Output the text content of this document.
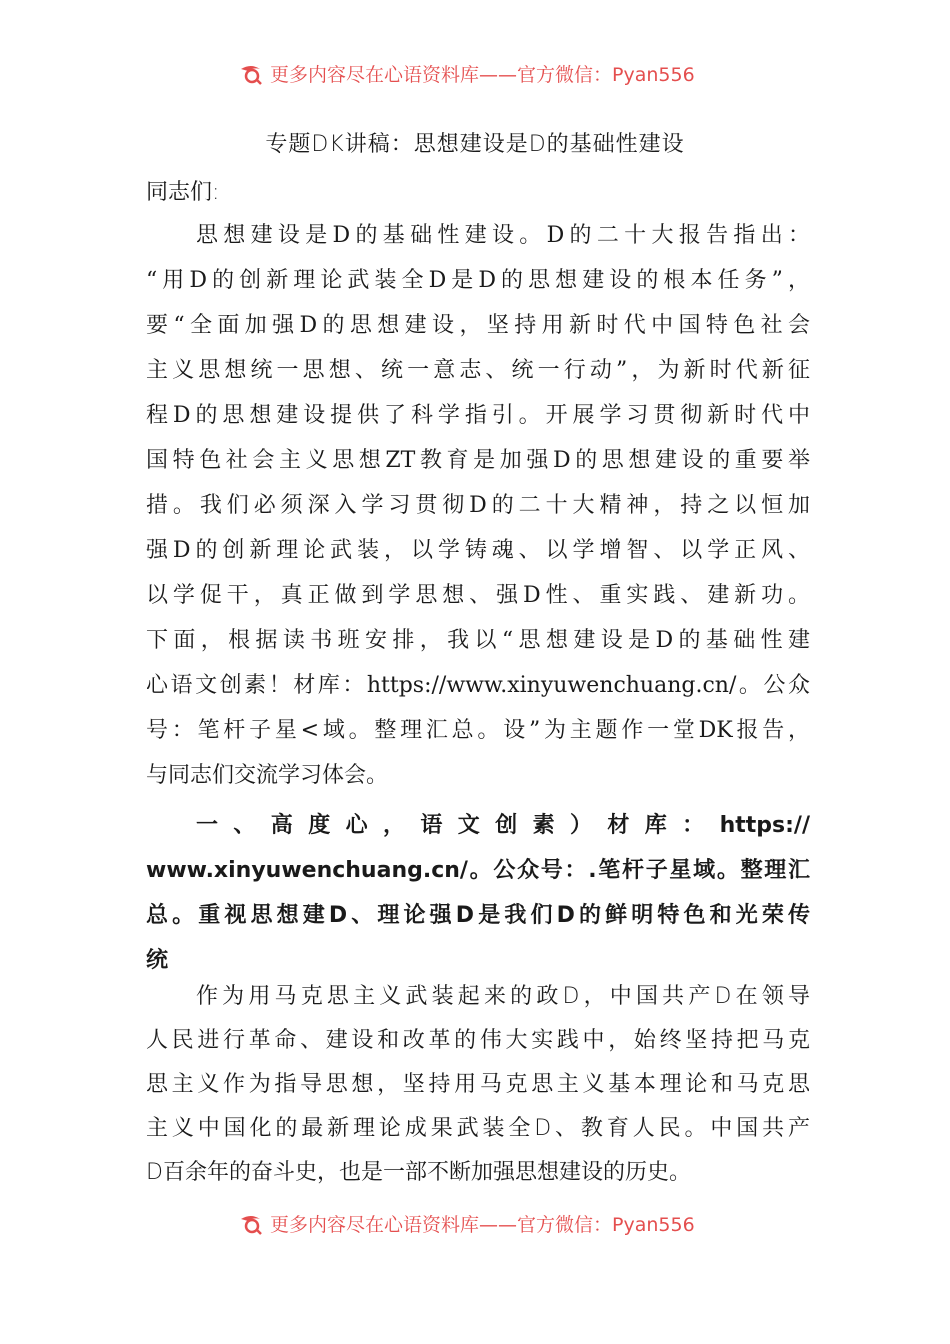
更多内容尽在心语资料库——官方微信：Pyan556
专题DK讲稿：思想建设是D的基础性建设
同志们:
思想建设是D的基础性建设。D的二十大报告指出：
“用D的创新理论武装全D是D的思想建设的根本任务”，
要“全面加强D的思想建设，坚持用新时代中国特色社会
主义思想统一思想、统一意志、统一行动”，为新时代新征
程D的思想建设提供了科学指引。开展学习贯彻新时代中
国特色社会主义思想ZT教育是加强D的思想建设的重要举
措。我们必须深入学习贯彻D的二十大精神，持之以恒加
强D的创新理论武装，以学铸魂、以学增智、以学正风、
以学促干，真正做到学思想、强D性、重实践、建新功。
下面，根据读书班安排，我以“思想建设是D的基础性建
心语文创素！材库：https://www.xinyuwenchuang.cn/。公众
号：笔杆子星<域。整理汇总。设”为主题作一堂DK报告，
与同志们交流学习体会。
一、高度心，语文创素）材库：https://
www.xinyuwenchuang.cn/。公众号：.笔杆子星域。整理汇
总。重视思想建D、理论强D是我们D的鲜明特色和光荣传
统
作为用马克思主义武装起来的政D，中国共产D在领导
人民进行革命、建设和改革的伟大实践中，始终坚持把马克
思主义作为指导思想，坚持用马克思主义基本理论和马克思
主义中国化的最新理论成果武装全D、教育人民。中国共产
D百余年的奋斗史，也是一部不断加强思想建设的历史。
更多内容尽在心语资料库——官方微信：Pyan556
